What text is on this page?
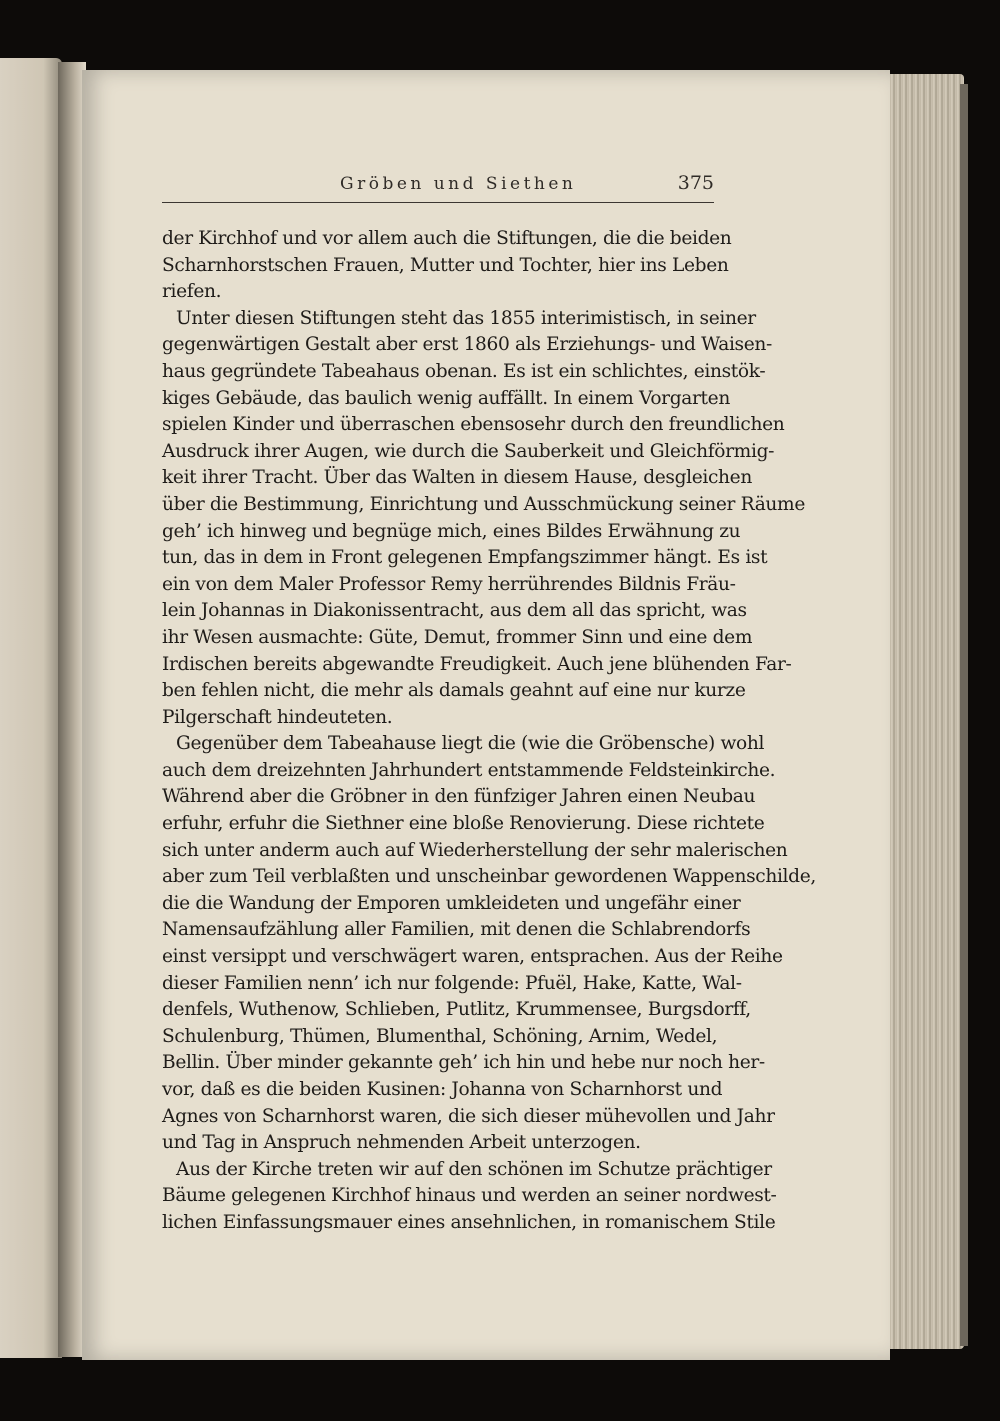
Gröben und Siethen	375
der Kirchhof und vor allem auch die Stiftungen, die die beiden
Scharnhorstschen Frauen, Mutter und Tochter, hier ins Leben
riefen.
Unter diesen Stiftungen steht das 1855 interimistisch, in seiner
gegenwärtigen Gestalt aber erst 1860 als Erziehungs- und Waisen-
haus gegründete Tabeahaus obenan. Es ist ein schlichtes, einstök-
kiges Gebäude, das baulich wenig auffällt. In einem Vorgarten
spielen Kinder und überraschen ebensosehr durch den freundlichen
Ausdruck ihrer Augen, wie durch die Sauberkeit und Gleichförmig-
keit ihrer Tracht. Über das Walten in diesem Hause, desgleichen
über die Bestimmung, Einrichtung und Ausschmückung seiner Räume
geh’ ich hinweg und begnüge mich, eines Bildes Erwähnung zu
tun, das in dem in Front gelegenen Empfangszimmer hängt. Es ist
ein von dem Maler Professor Remy herrührendes Bildnis Fräu-
lein Johannas in Diakonissentracht, aus dem all das spricht, was
ihr Wesen ausmachte: Güte, Demut, frommer Sinn und eine dem
Irdischen bereits abgewandte Freudigkeit. Auch jene blühenden Far-
ben fehlen nicht, die mehr als damals geahnt auf eine nur kurze
Pilgerschaft hindeuteten.
Gegenüber dem Tabeahause liegt die (wie die Gröbensche) wohl
auch dem dreizehnten Jahrhundert entstammende Feldsteinkirche.
Während aber die Gröbner in den fünfziger Jahren einen Neubau
erfuhr, erfuhr die Siethner eine bloße Renovierung. Diese richtete
sich unter anderm auch auf Wiederherstellung der sehr malerischen
aber zum Teil verblaßten und unscheinbar gewordenen Wappenschilde,
die die Wandung der Emporen umkleideten und ungefähr einer
Namensaufzählung aller Familien, mit denen die Schlabrendorfs
einst versippt und verschwägert waren, entsprachen. Aus der Reihe
dieser Familien nenn’ ich nur folgende: Pfuël, Hake, Katte, Wal-
denfels, Wuthenow, Schlieben, Putlitz, Krummensee, Burgsdorff,
Schulenburg, Thümen, Blumenthal, Schöning, Arnim, Wedel,
Bellin. Über minder gekannte geh’ ich hin und hebe nur noch her-
vor, daß es die beiden Kusinen: Johanna von Scharnhorst und
Agnes von Scharnhorst waren, die sich dieser mühevollen und Jahr
und Tag in Anspruch nehmenden Arbeit unterzogen.
Aus der Kirche treten wir auf den schönen im Schutze prächtiger
Bäume gelegenen Kirchhof hinaus und werden an seiner nordwest-
lichen Einfassungsmauer eines ansehnlichen, in romanischem Stile
